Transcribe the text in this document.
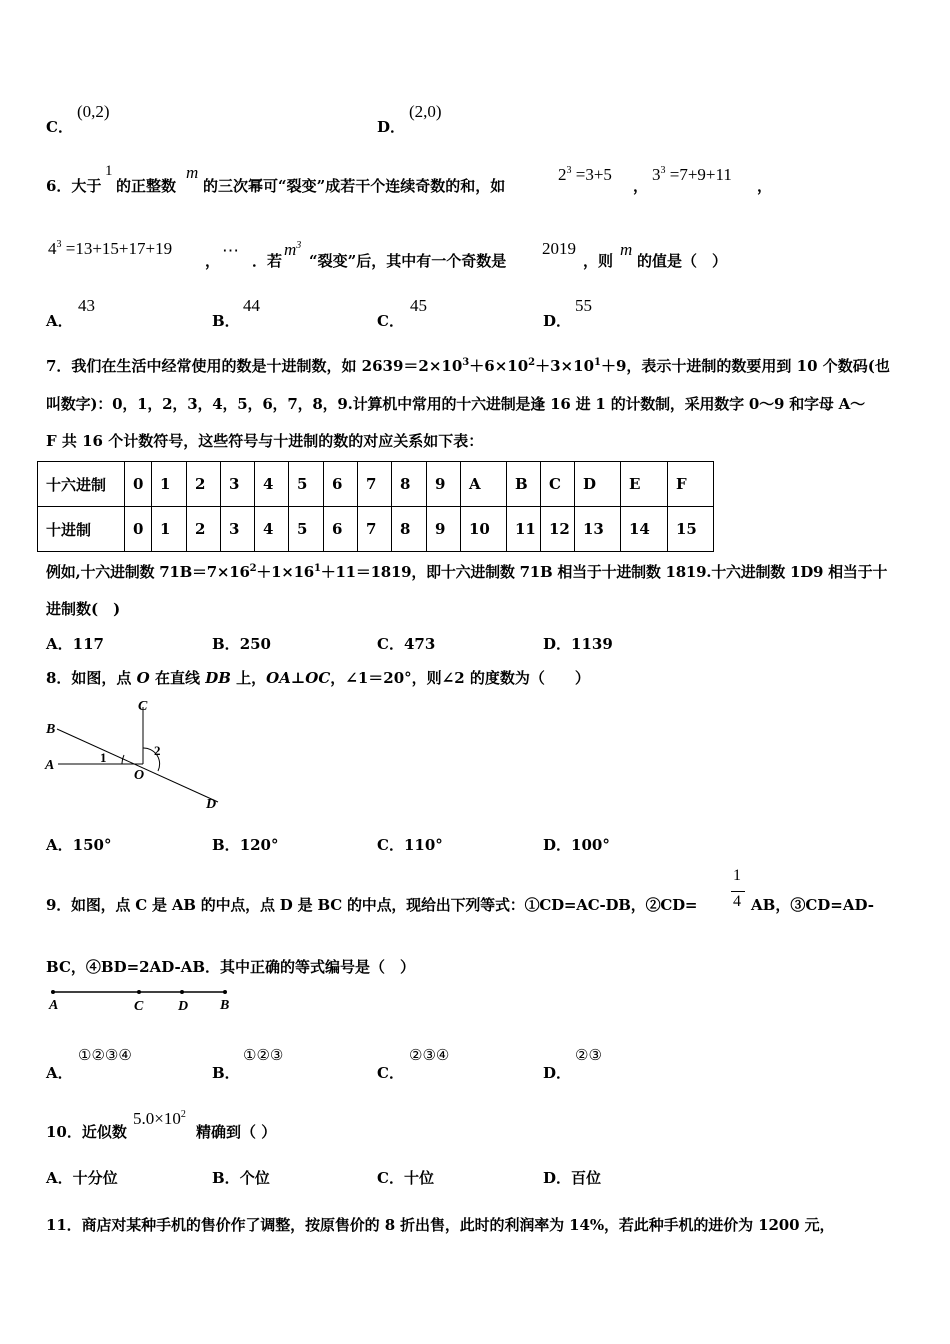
C．
(0,2)
D．
(2,0)
6．大于
1
的正整数
m
的三次幂可“裂变”成若干个连续奇数的和，如
$2^3 =3+5$
，
$3^3 =7+9+11$
，
$4^3 =13+15+17+19$
，
⋯
．若
$m^3$
“裂变”后，其中有一个奇数是
2019
，则
m
的值是（　）
A．
43
B．
44
C．
45
D．
55
7．我们在生活中经常使用的数是十进制数，如 $2639=2\times 10^3+6\times 10^2+3\times 10^1+9$，表示十进制的数要用到 10 个数码(也
叫数字)：0，1，2，3，4，5，6，7，8，9.计算机中常用的十六进制是逢 16 进 1 的计数制，采用数字 0～9 和字母 A～
F 共 16 个计数符号，这些符号与十进制的数的对应关系如下表：
十六进制	0	1	2	3	4	5	6	7	8	9	A	B	C	D	E	F
十进制	0	1	2	3	4	5	6	7	8	9	10	11	12	13	14	15
例如,十六进制数 $71B=7\times 16^2+1\times 16^1+11=1819$，即十六进制数 71B 相当于十进制数 1819.十六进制数 1D9 相当于十
进制数(　)
A．117	B．250	C．473	D．1139
8．如图，点 O 在直线 DB 上，OA⊥OC，∠1＝20°，则∠2 的度数为（　　）
B
A
C
O
D
1	2
A．150°	B．120°	C．110°	D．100°
9．如图，点 C 是 AB 的中点，点 D 是 BC 的中点，现给出下列等式：①CD=AC-DB，②CD=
1
4 AB，③CD=AD-
BC，④BD=2AD-AB．其中正确的等式编号是（　）
A	C D B
A．
①②③④
B．
①②③
C．
②③④
D．
②③
10．近似数
$5.0\times 10^2$
精确到（ ）
A．十分位	B．个位	C．十位	D．百位
11．商店对某种手机的售价作了调整，按原售价的 8 折出售，此时的利润率为 14%，若此种手机的进价为 1200 元，
